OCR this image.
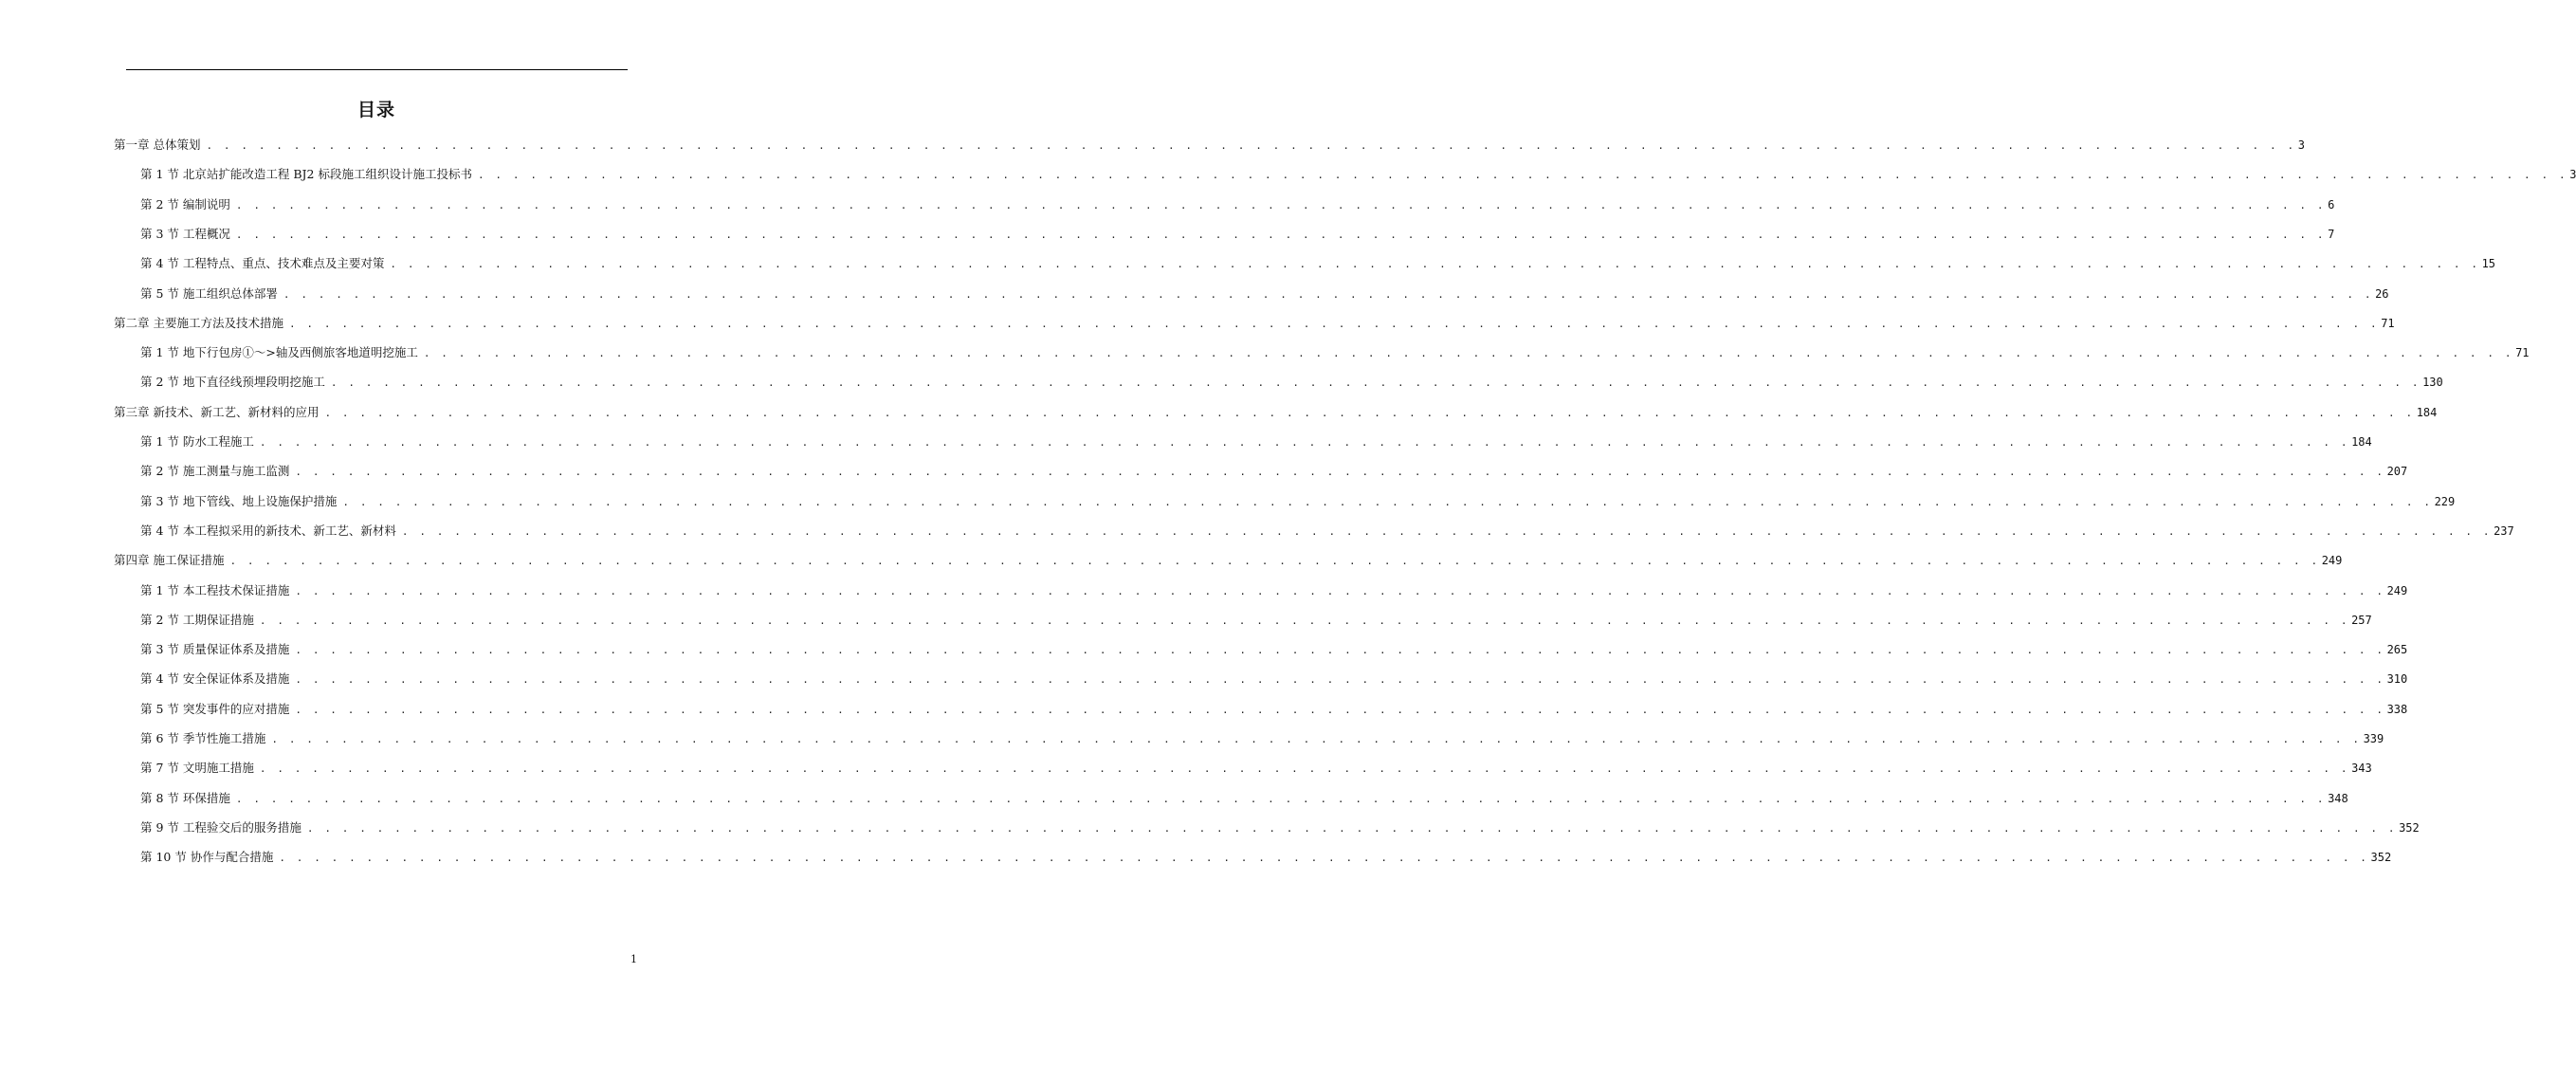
目录
第一章 总体策划 . . . . . . . . . . . . . . . . . . . . . . . . . . . . . . . . . . . . . . . . . . . . . . . . . . . . . . . . . . . . . . . . . . . . . . . . . . . . . . . . . . . . . . . . . . . . . . . . . . . . . . . . . . . . . . . . . . . . . . . . 3
第 1 节 北京站扩能改造工程 BJ2 标段施工组织设计施工投标书 . . . . . . . . . . . . . . . . . . . . . . . . . . . . . . . . . . . . . . . . . . . . . . . . . . . . . . . . . . . . . . . . . . . . . . . . . . . . . . . . . . . . . . . . . . . . . . . . . . . . . . . . . . . . . . . . . . . . . . . . 3
第 2 节 编制说明 . . . . . . . . . . . . . . . . . . . . . . . . . . . . . . . . . . . . . . . . . . . . . . . . . . . . . . . . . . . . . . . . . . . . . . . . . . . . . . . . . . . . . . . . . . . . . . . . . . . . . . . . . . . . . . . . . . . . . . . . 6
第 3 节 工程概况 . . . . . . . . . . . . . . . . . . . . . . . . . . . . . . . . . . . . . . . . . . . . . . . . . . . . . . . . . . . . . . . . . . . . . . . . . . . . . . . . . . . . . . . . . . . . . . . . . . . . . . . . . . . . . . . . . . . . . . . . 7
第 4 节 工程特点、重点、技术难点及主要对策 . . . . . . . . . . . . . . . . . . . . . . . . . . . . . . . . . . . . . . . . . . . . . . . . . . . . . . . . . . . . . . . . . . . . . . . . . . . . . . . . . . . . . . . . . . . . . . . . . . . . . . . . . . . . . . . . . . . . . . . . 15
第 5 节 施工组织总体部署 . . . . . . . . . . . . . . . . . . . . . . . . . . . . . . . . . . . . . . . . . . . . . . . . . . . . . . . . . . . . . . . . . . . . . . . . . . . . . . . . . . . . . . . . . . . . . . . . . . . . . . . . . . . . . . . . . . . . . . . . 26
第二章 主要施工方法及技术措施 . . . . . . . . . . . . . . . . . . . . . . . . . . . . . . . . . . . . . . . . . . . . . . . . . . . . . . . . . . . . . . . . . . . . . . . . . . . . . . . . . . . . . . . . . . . . . . . . . . . . . . . . . . . . . . . . . . . . . . . . 71
第 1 节 地下行包房①～>轴及西侧旅客地道明挖施工 . . . . . . . . . . . . . . . . . . . . . . . . . . . . . . . . . . . . . . . . . . . . . . . . . . . . . . . . . . . . . . . . . . . . . . . . . . . . . . . . . . . . . . . . . . . . . . . . . . . . . . . . . . . . . . . . . . . . . . . . 71
第 2 节 地下直径线预埋段明挖施工 . . . . . . . . . . . . . . . . . . . . . . . . . . . . . . . . . . . . . . . . . . . . . . . . . . . . . . . . . . . . . . . . . . . . . . . . . . . . . . . . . . . . . . . . . . . . . . . . . . . . . . . . . . . . . . . . . . . . . . . . 130
第三章 新技术、新工艺、新材料的应用 . . . . . . . . . . . . . . . . . . . . . . . . . . . . . . . . . . . . . . . . . . . . . . . . . . . . . . . . . . . . . . . . . . . . . . . . . . . . . . . . . . . . . . . . . . . . . . . . . . . . . . . . . . . . . . . . . . . . . . . . 184
第 1 节 防水工程施工 . . . . . . . . . . . . . . . . . . . . . . . . . . . . . . . . . . . . . . . . . . . . . . . . . . . . . . . . . . . . . . . . . . . . . . . . . . . . . . . . . . . . . . . . . . . . . . . . . . . . . . . . . . . . . . . . . . . . . . . . 184
第 2 节 施工测量与施工监测 . . . . . . . . . . . . . . . . . . . . . . . . . . . . . . . . . . . . . . . . . . . . . . . . . . . . . . . . . . . . . . . . . . . . . . . . . . . . . . . . . . . . . . . . . . . . . . . . . . . . . . . . . . . . . . . . . . . . . . . . 207
第 3 节 地下管线、地上设施保护措施 . . . . . . . . . . . . . . . . . . . . . . . . . . . . . . . . . . . . . . . . . . . . . . . . . . . . . . . . . . . . . . . . . . . . . . . . . . . . . . . . . . . . . . . . . . . . . . . . . . . . . . . . . . . . . . . . . . . . . . . . 229
第 4 节 本工程拟采用的新技术、新工艺、新材料 . . . . . . . . . . . . . . . . . . . . . . . . . . . . . . . . . . . . . . . . . . . . . . . . . . . . . . . . . . . . . . . . . . . . . . . . . . . . . . . . . . . . . . . . . . . . . . . . . . . . . . . . . . . . . . . . . . . . . . . . 237
第四章 施工保证措施 . . . . . . . . . . . . . . . . . . . . . . . . . . . . . . . . . . . . . . . . . . . . . . . . . . . . . . . . . . . . . . . . . . . . . . . . . . . . . . . . . . . . . . . . . . . . . . . . . . . . . . . . . . . . . . . . . . . . . . . . 249
第 1 节 本工程技术保证措施 . . . . . . . . . . . . . . . . . . . . . . . . . . . . . . . . . . . . . . . . . . . . . . . . . . . . . . . . . . . . . . . . . . . . . . . . . . . . . . . . . . . . . . . . . . . . . . . . . . . . . . . . . . . . . . . . . . . . . . . . 249
第 2 节 工期保证措施 . . . . . . . . . . . . . . . . . . . . . . . . . . . . . . . . . . . . . . . . . . . . . . . . . . . . . . . . . . . . . . . . . . . . . . . . . . . . . . . . . . . . . . . . . . . . . . . . . . . . . . . . . . . . . . . . . . . . . . . . 257
第 3 节 质量保证体系及措施 . . . . . . . . . . . . . . . . . . . . . . . . . . . . . . . . . . . . . . . . . . . . . . . . . . . . . . . . . . . . . . . . . . . . . . . . . . . . . . . . . . . . . . . . . . . . . . . . . . . . . . . . . . . . . . . . . . . . . . . . 265
第 4 节 安全保证体系及措施 . . . . . . . . . . . . . . . . . . . . . . . . . . . . . . . . . . . . . . . . . . . . . . . . . . . . . . . . . . . . . . . . . . . . . . . . . . . . . . . . . . . . . . . . . . . . . . . . . . . . . . . . . . . . . . . . . . . . . . . . 310
第 5 节 突发事件的应对措施 . . . . . . . . . . . . . . . . . . . . . . . . . . . . . . . . . . . . . . . . . . . . . . . . . . . . . . . . . . . . . . . . . . . . . . . . . . . . . . . . . . . . . . . . . . . . . . . . . . . . . . . . . . . . . . . . . . . . . . . . 338
第 6 节 季节性施工措施 . . . . . . . . . . . . . . . . . . . . . . . . . . . . . . . . . . . . . . . . . . . . . . . . . . . . . . . . . . . . . . . . . . . . . . . . . . . . . . . . . . . . . . . . . . . . . . . . . . . . . . . . . . . . . . . . . . . . . . . . 339
第 7 节 文明施工措施 . . . . . . . . . . . . . . . . . . . . . . . . . . . . . . . . . . . . . . . . . . . . . . . . . . . . . . . . . . . . . . . . . . . . . . . . . . . . . . . . . . . . . . . . . . . . . . . . . . . . . . . . . . . . . . . . . . . . . . . . 343
第 8 节 环保措施 . . . . . . . . . . . . . . . . . . . . . . . . . . . . . . . . . . . . . . . . . . . . . . . . . . . . . . . . . . . . . . . . . . . . . . . . . . . . . . . . . . . . . . . . . . . . . . . . . . . . . . . . . . . . . . . . . . . . . . . . 348
第 9 节 工程验交后的服务措施 . . . . . . . . . . . . . . . . . . . . . . . . . . . . . . . . . . . . . . . . . . . . . . . . . . . . . . . . . . . . . . . . . . . . . . . . . . . . . . . . . . . . . . . . . . . . . . . . . . . . . . . . . . . . . . . . . . . . . . . . 352
第 10 节 协作与配合措施 . . . . . . . . . . . . . . . . . . . . . . . . . . . . . . . . . . . . . . . . . . . . . . . . . . . . . . . . . . . . . . . . . . . . . . . . . . . . . . . . . . . . . . . . . . . . . . . . . . . . . . . . . . . . . . . . . . . . . . . . 352
1
